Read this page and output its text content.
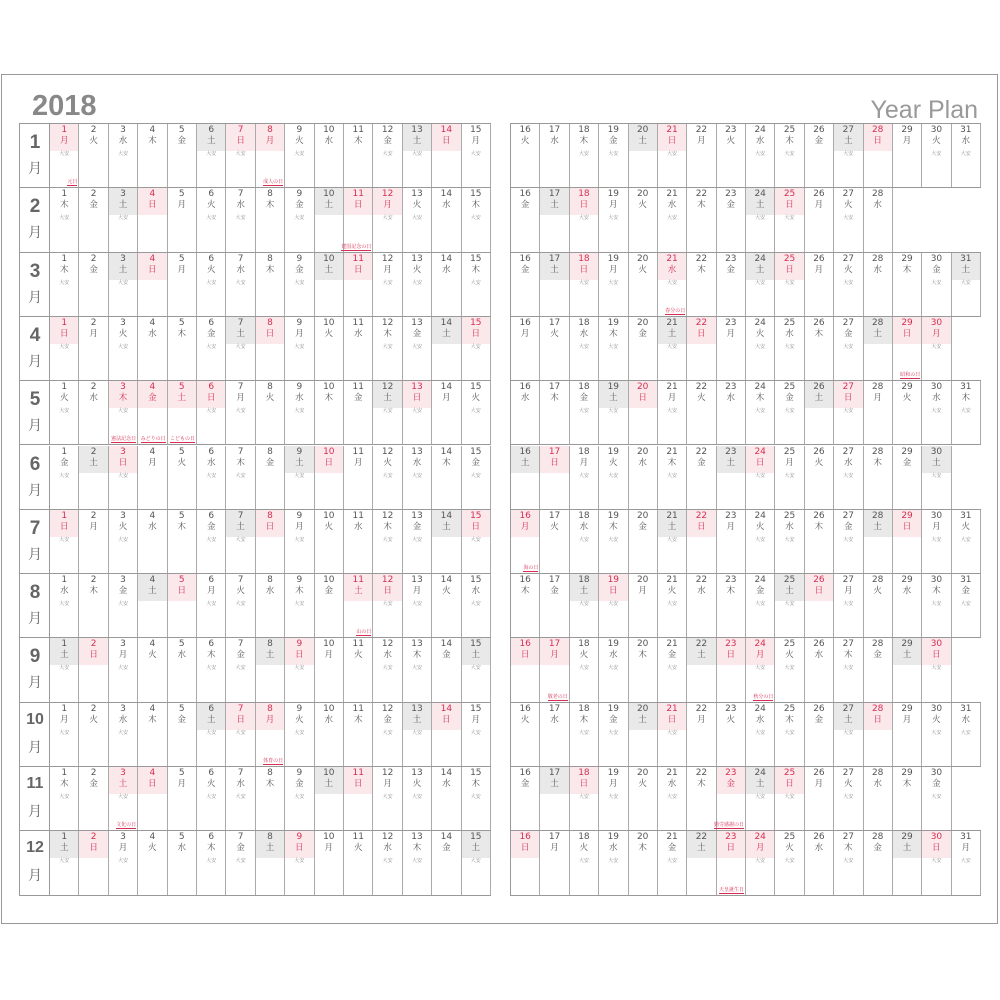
2018	Year Plan
1
月
1
月
大安
元日
2
火
3
水
大安
4
木
5
金
6
土
大安
7
日
大安
8
月
成人の日
9
火
大安
10
水
11
木
12
金
大安
13
土
大安
14
日
15
月
大安
2
月
1
木
大安
2
金
3
土
大安
4
日
5
月
6
火
大安
7
水
大安
8
木
9
金
大安
10
土
11
日
建国記念の日
12
月
大安
13
火
大安
14
水
15
木
大安
3
月
1
木
大安
2
金
3
土
大安
4
日
5
月
6
火
大安
7
水
大安
8
木
9
金
大安
10
土
11
日
12
月
大安
13
火
大安
14
水
15
木
大安
4
月
1
日
大安
2
月
3
火
大安
4
水
5
木
6
金
大安
7
土
大安
8
日
9
月
大安
10
火
11
水
12
木
大安
13
金
大安
14
土
15
日
大安
5
月
1
火
大安
2
水
3
木
大安
憲法記念日
4
金
みどりの日
5
土
こどもの日
6
日
大安
7
月
大安
8
火
9
水
大安
10
木
11
金
12
土
大安
13
日
大安
14
月
15
火
大安
6
月
1
金
大安
2
土
3
日
大安
4
月
5
火
6
水
大安
7
木
大安
8
金
9
土
大安
10
日
11
月
12
火
大安
13
水
大安
14
木
15
金
大安
7
月
1
日
大安
2
月
3
火
大安
4
水
5
木
6
金
大安
7
土
大安
8
日
9
月
大安
10
火
11
水
12
木
大安
13
金
大安
14
土
15
日
大安
8
月
1
水
大安
2
木
3
金
大安
4
土
5
日
6
月
大安
7
火
大安
8
水
9
木
大安
10
金
11
土
山の日
12
日
大安
13
月
大安
14
火
15
水
大安
9
月
1
土
大安
2
日
3
月
大安
4
火
5
水
6
木
大安
7
金
大安
8
土
9
日
大安
10
月
11
火
12
水
大安
13
木
大安
14
金
15
土
大安
10
月
1
月
大安
2
火
3
水
大安
4
木
5
金
6
土
大安
7
日
大安
8
月
体育の日
9
火
大安
10
水
11
木
12
金
大安
13
土
大安
14
日
15
月
大安
11
月
1
木
大安
2
金
3
土
大安
文化の日
4
日
5
月
6
火
大安
7
水
大安
8
木
9
金
大安
10
土
11
日
12
月
大安
13
火
大安
14
水
15
木
大安
12
月
1
土
大安
2
日
3
月
大安
4
火
5
水
6
木
大安
7
金
大安
8
土
9
日
大安
10
月
11
火
12
水
大安
13
木
大安
14
金
15
土
大安
16
火
17
水
18
木
大安
19
金
大安
20
土
21
日
大安
22
月
23
火
24
水
大安
25
木
大安
26
金
27
土
大安
28
日
29
月
30
火
大安
31
水
大安
16
金
17
土
18
日
大安
19
月
大安
20
火
21
水
大安
22
木
23
金
24
土
大安
25
日
大安
26
月
27
火
大安
28
水
16
金
17
土
18
日
大安
19
月
大安
20
火
21
水
大安
春分の日
22
木
23
金
24
土
大安
25
日
大安
26
月
27
火
大安
28
水
29
木
30
金
大安
31
土
大安
16
月
17
火
18
水
大安
19
木
大安
20
金
21
土
大安
22
日
23
月
24
火
大安
25
水
大安
26
木
27
金
大安
28
土
29
日
昭和の日
30
月
大安
16
水
17
木
18
金
大安
19
土
大安
20
日
21
月
大安
22
火
23
水
24
木
大安
25
金
大安
26
土
27
日
大安
28
月
29
火
30
水
大安
31
木
大安
16
土
17
日
18
月
大安
19
火
大安
20
水
21
木
大安
22
金
23
土
24
日
大安
25
月
大安
26
火
27
水
大安
28
木
29
金
30
土
大安
16
月
海の日
17
火
18
水
大安
19
木
大安
20
金
21
土
大安
22
日
23
月
24
火
大安
25
水
大安
26
木
27
金
大安
28
土
29
日
30
月
大安
31
火
大安
16
木
17
金
18
土
大安
19
日
大安
20
月
21
火
大安
22
水
23
木
24
金
大安
25
土
大安
26
日
27
月
大安
28
火
29
水
30
木
大安
31
金
大安
16
日
17
月
敬老の日
18
火
大安
19
水
大安
20
木
21
金
大安
22
土
23
日
24
月
大安
秋分の日
25
火
大安
26
水
27
木
大安
28
金
29
土
30
日
大安
16
火
17
水
18
木
大安
19
金
大安
20
土
21
日
大安
22
月
23
火
24
水
大安
25
木
大安
26
金
27
土
大安
28
日
29
月
30
火
大安
31
水
大安
16
金
17
土
18
日
大安
19
月
大安
20
火
21
水
大安
22
木
23
金
勤労感謝の日
24
土
大安
25
日
大安
26
月
27
火
大安
28
水
29
木
30
金
大安
16
日
17
月
18
火
大安
19
水
大安
20
木
21
金
大安
22
土
23
日
天皇誕生日
24
月
大安
25
火
大安
26
水
27
木
大安
28
金
29
土
30
日
大安
31
月
大安
